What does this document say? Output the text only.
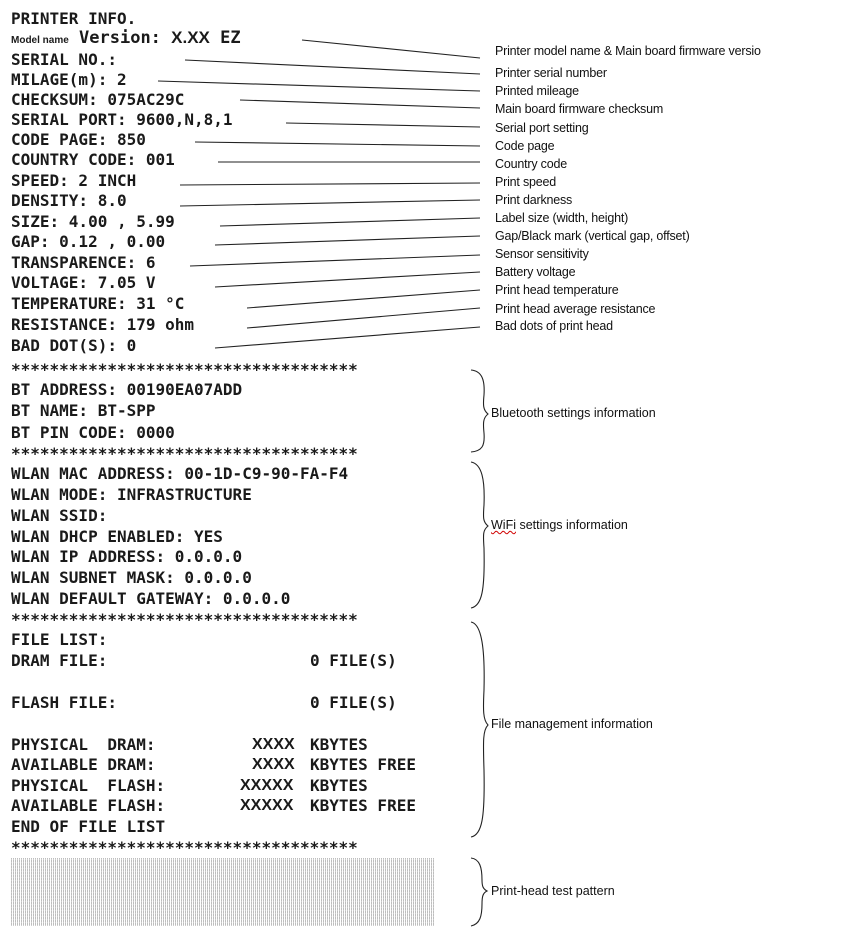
PRINTER INFO.
Model name Version: X.XX EZ
SERIAL NO.:
MILAGE(m): 2
CHECKSUM: 075AC29C
SERIAL PORT: 9600,N,8,1
CODE PAGE: 850
COUNTRY CODE: 001
SPEED: 2 INCH
DENSITY: 8.0
SIZE: 4.00 , 5.99
GAP: 0.12 , 0.00
TRANSPARENCE: 6
VOLTAGE: 7.05 V
TEMPERATURE: 31 °C
RESISTANCE: 179 ohm
BAD DOT(S): 0
************************************
BT ADDRESS: 00190EA07ADD
BT NAME: BT-SPP
BT PIN CODE: 0000
************************************
WLAN MAC ADDRESS: 00-1D-C9-90-FA-F4
WLAN MODE: INFRASTRUCTURE
WLAN SSID:
WLAN DHCP ENABLED: YES
WLAN IP ADDRESS: 0.0.0.0
WLAN SUBNET MASK: 0.0.0.0
WLAN DEFAULT GATEWAY: 0.0.0.0
************************************
FILE LIST:
DRAM FILE:	0 FILE(S)
FLASH FILE:	0 FILE(S)
PHYSICAL  DRAM:	XXXX KBYTES
AVAILABLE DRAM:	XXXX KBYTES FREE
PHYSICAL  FLASH:	XXXXX KBYTES
AVAILABLE FLASH:	XXXXX KBYTES FREE
END OF FILE LIST
************************************
Printer model name & Main board firmware versio
Printer serial number
Printed mileage
Main board firmware checksum
Serial port setting
Code page
Country code
Print speed
Print darkness
Label size (width, height)
Gap/Black mark (vertical gap, offset)
Sensor sensitivity
Battery voltage
Print head temperature
Print head average resistance
Bad dots of print head
Bluetooth settings information
WiFi settings information
File management information
Print-head test pattern
